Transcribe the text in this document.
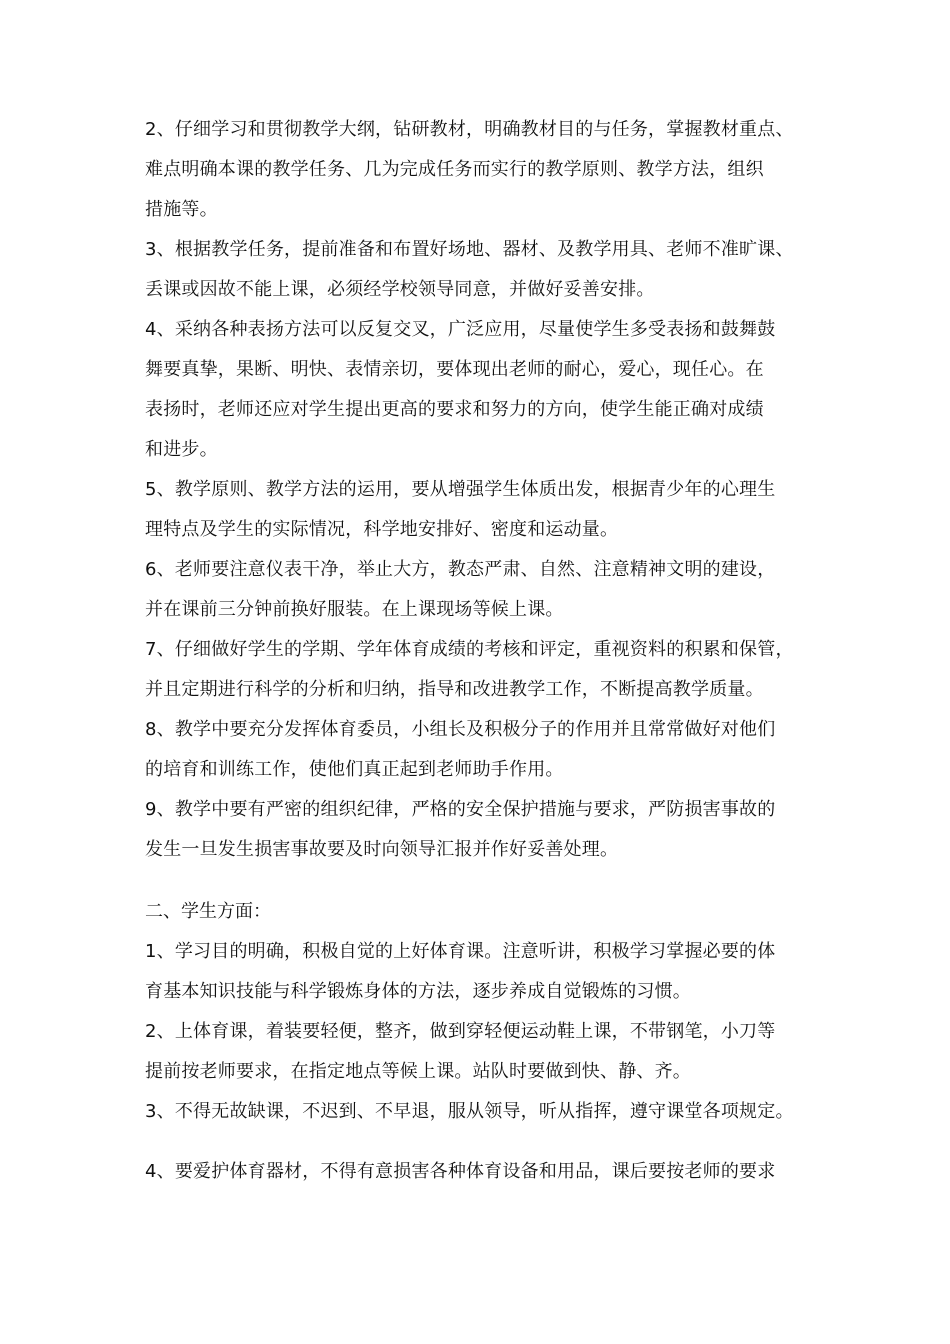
2、仔细学习和贯彻教学大纲，钻研教材，明确教材目的与任务，掌握教材重点、
难点明确本课的教学任务、几为完成任务而实行的教学原则、教学方法，组织
措施等。
3、根据教学任务，提前准备和布置好场地、器材、及教学用具、老师不准旷课、
丢课或因故不能上课，必须经学校领导同意，并做好妥善安排。
4、采纳各种表扬方法可以反复交叉，广泛应用，尽量使学生多受表扬和鼓舞鼓
舞要真挚，果断、明快、表情亲切，要体现出老师的耐心，爱心，现任心。在
表扬时，老师还应对学生提出更高的要求和努力的方向，使学生能正确对成绩
和进步。
5、教学原则、教学方法的运用，要从增强学生体质出发，根据青少年的心理生
理特点及学生的实际情况，科学地安排好、密度和运动量。
6、老师要注意仪表干净，举止大方，教态严肃、自然、注意精神文明的建设，
并在课前三分钟前换好服装。在上课现场等候上课。
7、仔细做好学生的学期、学年体育成绩的考核和评定，重视资料的积累和保管，
并且定期进行科学的分析和归纳，指导和改进教学工作，不断提高教学质量。
8、教学中要充分发挥体育委员，小组长及积极分子的作用并且常常做好对他们
的培育和训练工作，使他们真正起到老师助手作用。
9、教学中要有严密的组织纪律，严格的安全保护措施与要求，严防损害事故的
发生一旦发生损害事故要及时向领导汇报并作好妥善处理。
二、学生方面：
1、学习目的明确，积极自觉的上好体育课。注意听讲，积极学习掌握必要的体
育基本知识技能与科学锻炼身体的方法，逐步养成自觉锻炼的习惯。
2、上体育课，着装要轻便，整齐，做到穿轻便运动鞋上课，不带钢笔，小刀等
提前按老师要求，在指定地点等候上课。站队时要做到快、静、齐。
3、不得无故缺课，不迟到、不早退，服从领导，听从指挥，遵守课堂各项规定。
4、要爱护体育器材，不得有意损害各种体育设备和用品，课后要按老师的要求
